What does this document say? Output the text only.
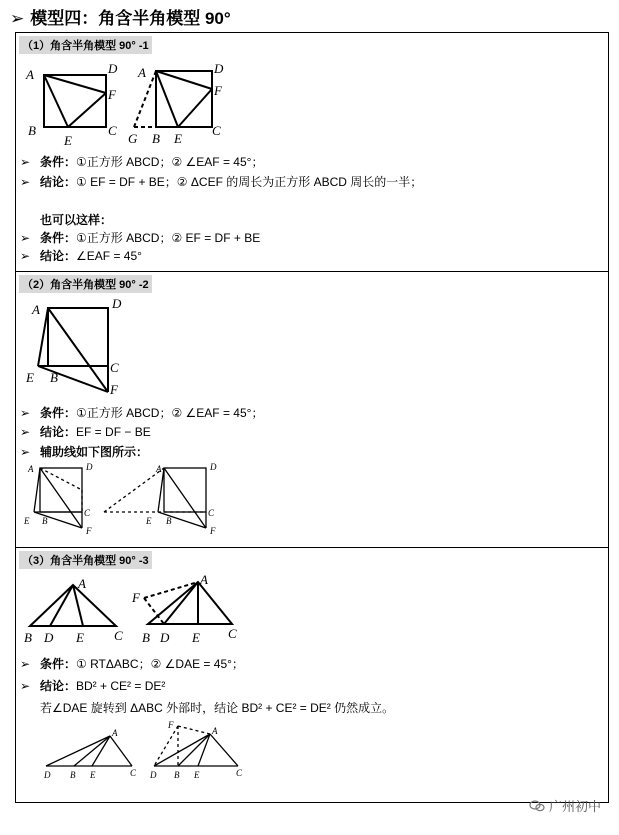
➢ 模型四：角含半角模型 90°
（1）角含半角模型 90° -1
A	D
F
B
E
C
A	D
F
G B E
C
➢ 条件：①正方形 ABCD；② ∠EAF = 45°；
➢ 结论：① EF = DF + BE；② ΔCEF 的周长为正方形 ABCD 周长的一半；
也可以这样：
➢ 条件：①正方形 ABCD；② EF = DF + BE
➢ 结论：∠EAF = 45°
（2）角含半角模型 90° -2
A	D
C
E B
F
➢ 条件：①正方形 ABCD；② ∠EAF = 45°；
➢ 结论：EF = DF − BE
➢ 辅助线如下图所示：
A	D
C
E B
F
A	D
C
E B
F
（3）角含半角模型 90° -3
A
B D E C
A
F
B D E C
➢ 条件：① RTΔABC；② ∠DAE = 45°；
➢ 结论：BD² + CE² = DE²
若∠DAE 旋转到 ΔABC 外部时，结论 BD² + CE² = DE² 仍然成立。
A
B
D	E	C
A
F
B
D	E	C
广州初中
